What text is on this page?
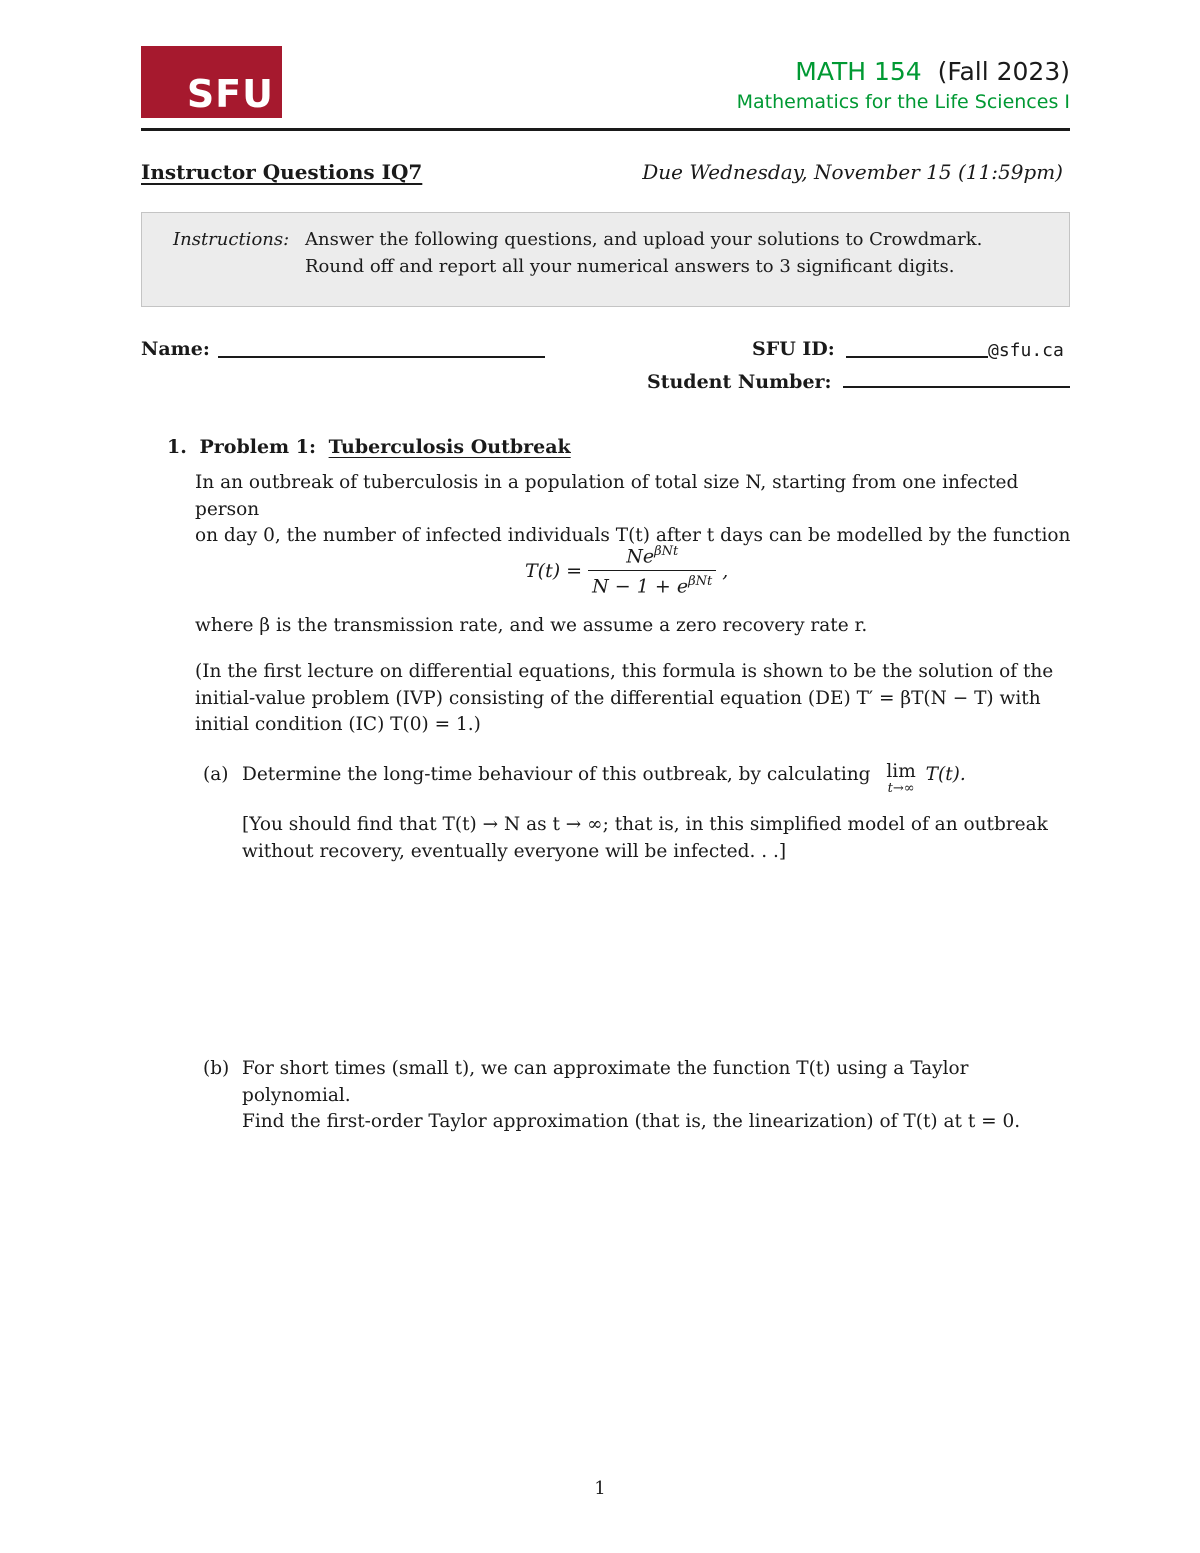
SFU
MATH 154 (Fall 2023)
Mathematics for the Life Sciences I
Instructor Questions IQ7	Due Wednesday, November 15 (11:59pm)
Instructions: Answer the following questions, and upload your solutions to Crowdmark.
Round off and report all your numerical answers to 3 significant digits.
Name:	SFU ID:	@sfu.ca
Student Number:
1. Problem 1: Tuberculosis Outbreak
In an outbreak of tuberculosis in a population of total size N, starting from one infected person
on day 0, the number of infected individuals T(t) after t days can be modelled by the function
$T(t) = \frac{Ne^{\beta Nt}}{N - 1 + e^{\beta Nt}}$ ,
where β is the transmission rate, and we assume a zero recovery rate r.
(In the first lecture on differential equations, this formula is shown to be the solution of the
initial-value problem (IVP) consisting of the differential equation (DE) T′ = βT(N − T) with
initial condition (IC) T(0) = 1.)
(a) Determine the long-time behaviour of this outbreak, by calculating lim
t→∞
T(t).
[You should find that T(t) → N as t → ∞; that is, in this simplified model of an outbreak
without recovery, eventually everyone will be infected. . .]
(b) For short times (small t), we can approximate the function T(t) using a Taylor polynomial.
Find the first-order Taylor approximation (that is, the linearization) of T(t) at t = 0.
1
